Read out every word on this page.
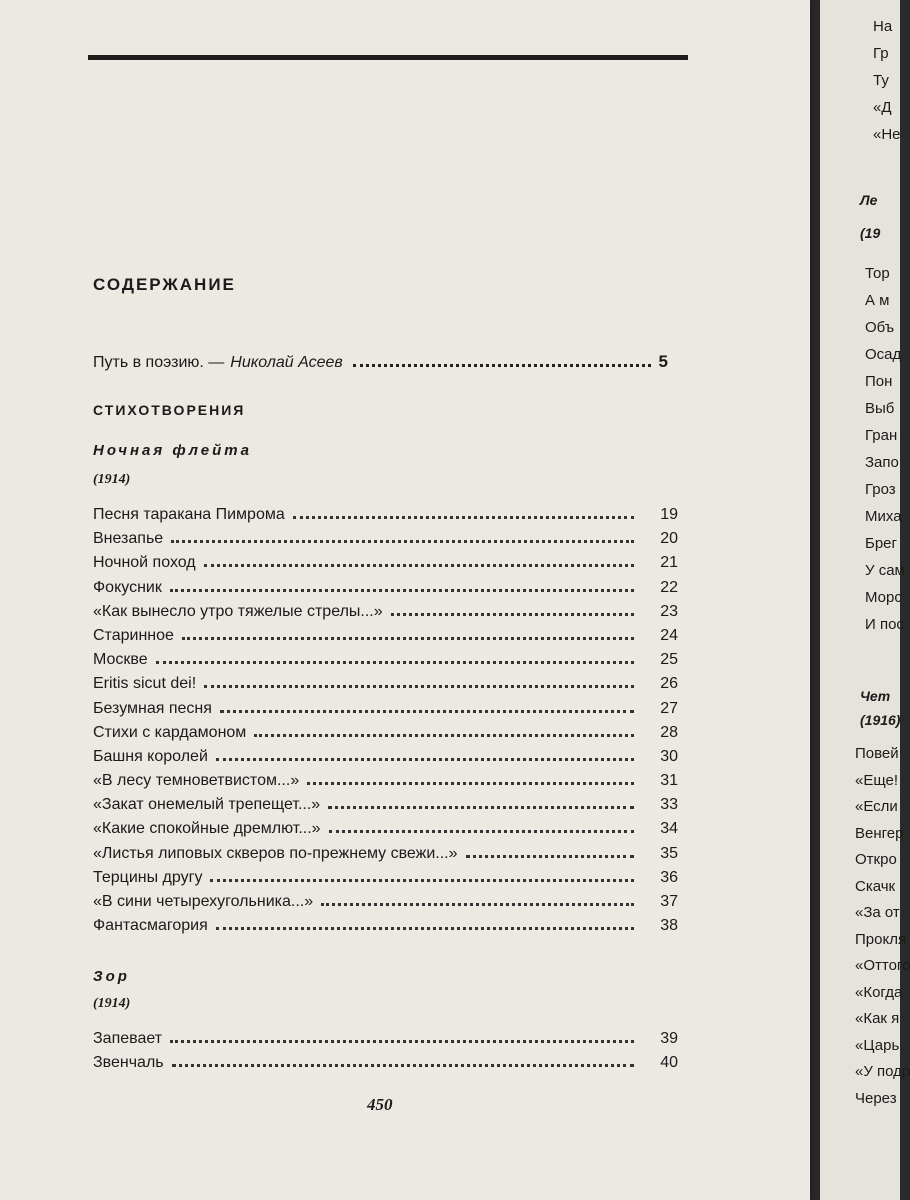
СОДЕРЖАНИЕ
Путь в поэзию. — Николай Асеев	5
СТИХОТВОРЕНИЯ
Ночная флейта
(1914)
Песня таракана Пимрома	19
Внезапье	20
Ночной поход	21
Фокусник	22
«Как вынесло утро тяжелые стрелы...»	23
Старинное	24
Москве	25
Eritis sicut dei!	26
Безумная песня	27
Стихи с кардамоном	28
Башня королей	30
«В лесу темноветвистом...»	31
«Закат онемелый трепещет...»	33
«Какие спокойные дремлют...»	34
«Листья липовых скверов по-прежнему свежи...»	35
Терцины другу	36
«В сини четырехугольника...»	37
Фантасмагория	38
Зор
(1914)
Запевает	39
Звенчаль	40
450
На
Гр
Ту
«Д
«Не
Ле
(19
Тор
А м
Объ
Осад
Пон
Выб
Гран
Запо
Гроз
Миха
Брег
У сам
Морс
И пос
Чет
(1916)
Повей
«Еще!
«Если
Венгер
Откро
Скачк
«За от
Прокля
«Оттого
«Когда
«Как я
«Царь
«У подр
Через
